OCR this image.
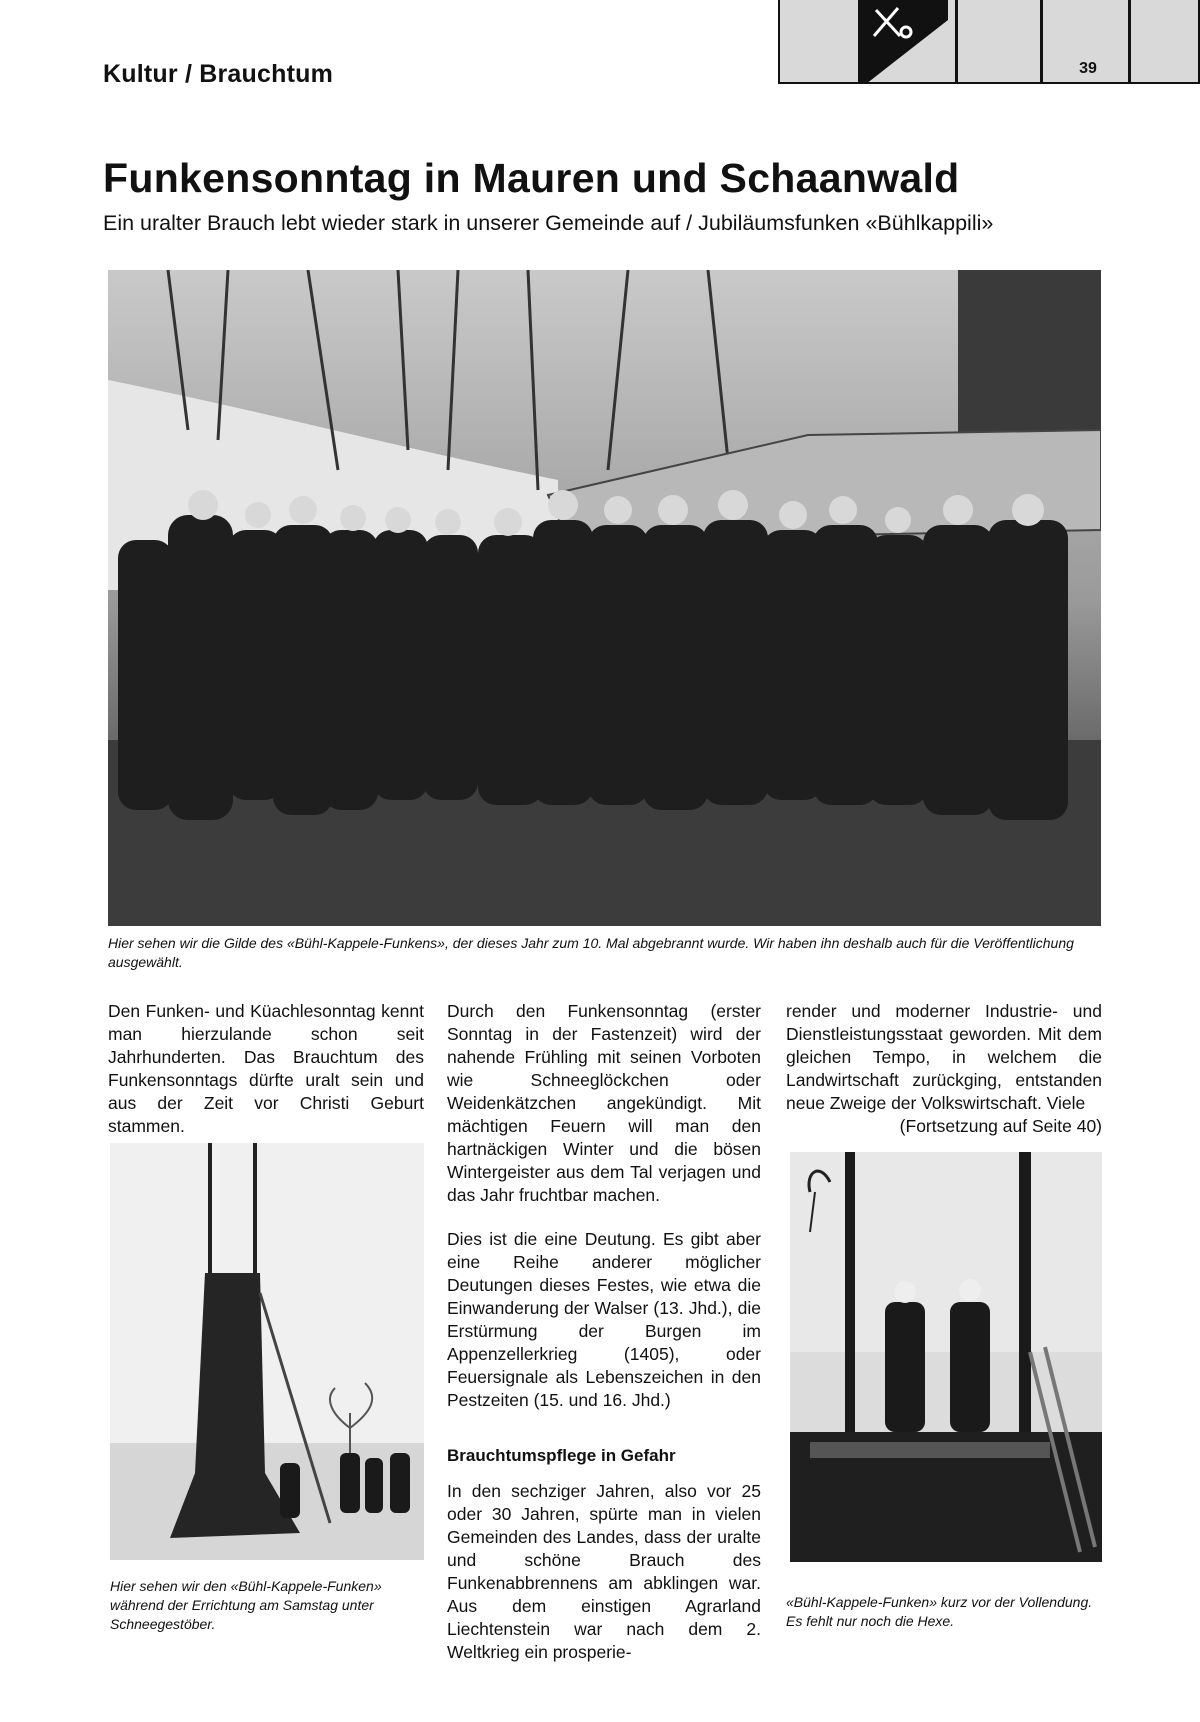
39
Kultur / Brauchtum
Funkensonntag in Mauren und Schaanwald
Ein uralter Brauch lebt wieder stark in unserer Gemeinde auf / Jubiläumsfunken «Bühlkappili»
Hier sehen wir die Gilde des «Bühl-Kappele-Funkens», der dieses Jahr zum 10. Mal abgebrannt wurde. Wir haben ihn deshalb auch für die Veröffentlichung ausgewählt.
Den Funken- und Küachlesonntag kennt man hierzulande schon seit Jahrhunderten. Das Brauchtum des Funkensonntags dürfte uralt sein und aus der Zeit vor Christi Geburt stammen.
Hier sehen wir den «Bühl-Kappele-Funken» während der Errichtung am Samstag unter Schneegestöber.
Durch den Funkensonntag (erster Sonntag in der Fastenzeit) wird der nahende Frühling mit seinen Vorboten wie Schneeglöckchen oder Weidenkätzchen angekündigt. Mit mächtigen Feuern will man den hartnäckigen Winter und die bösen Wintergeister aus dem Tal verjagen und das Jahr fruchtbar machen.
Dies ist die eine Deutung. Es gibt aber eine Reihe anderer möglicher Deutungen dieses Festes, wie etwa die Einwanderung der Walser (13. Jhd.), die Erstürmung der Burgen im Appenzellerkrieg (1405), oder Feuersignale als Lebenszeichen in den Pestzeiten (15. und 16. Jhd.)
Brauchtumspflege in Gefahr
In den sechziger Jahren, also vor 25 oder 30 Jahren, spürte man in vielen Gemeinden des Landes, dass der uralte und schöne Brauch des Funkenabbrennens am abklingen war. Aus dem einstigen Agrarland Liechtenstein war nach dem 2. Weltkrieg ein prosperie-
render und moderner Industrie- und Dienstleistungsstaat geworden. Mit dem gleichen Tempo, in welchem die Landwirtschaft zurückging, entstanden neue Zweige der Volkswirtschaft. Viele
(Fortsetzung auf Seite 40)
«Bühl-Kappele-Funken» kurz vor der Vollendung. Es fehlt nur noch die Hexe.
